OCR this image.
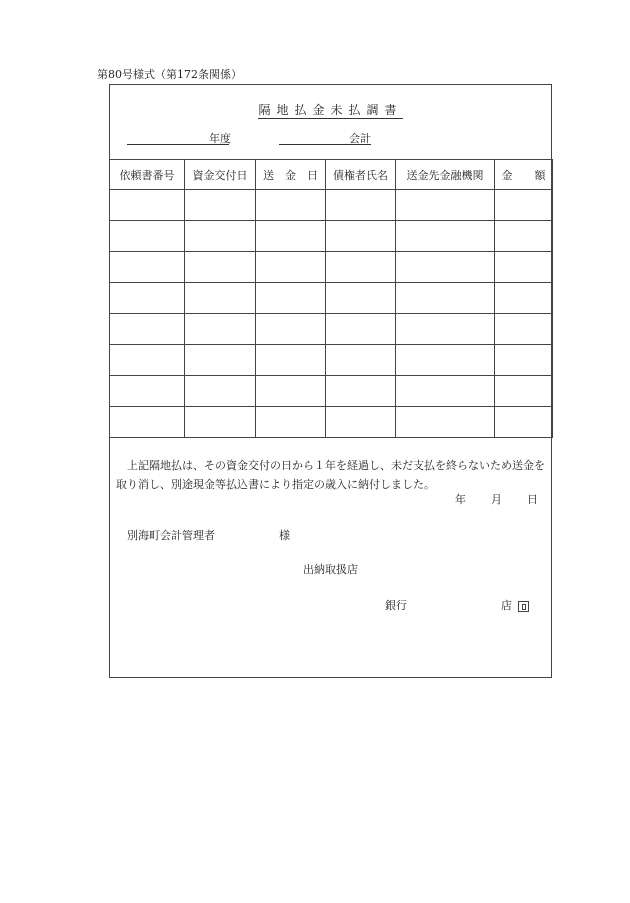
第80号様式（第172条関係）
隔地払金未払調書
年度	会計
依頼書番号	資金交付日	送　金　日	債権者氏名	送金先金融機関	金　　額

上記隔地払は、その資金交付の日から１年を経過し、未だ支払を終らないため送金を取り消し、別途現金等払込書により指定の歳入に納付しました。
年 月 日
別海町会計管理者	様
出納取扱店
銀行	店
